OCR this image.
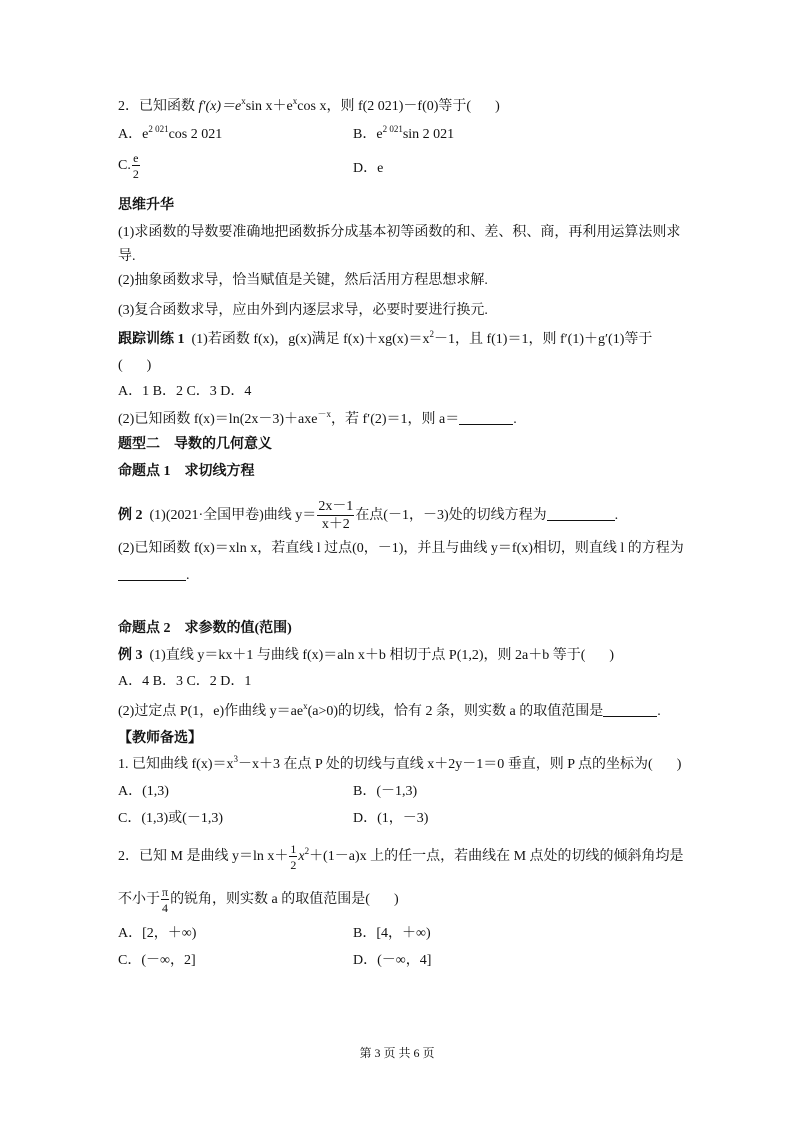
2．已知函数 $f'(x)=e^x\sin$ $x+e^x\cos$ x，则 f(2 021)－f(0)等于( )
A．$e^{2 021}\cos$ 2 021	B．$e^{2 021}\sin$ 2 021
C. $\frac{e}{2}$	D．e
思维升华
(1)求函数的导数要准确地把函数拆分成基本初等函数的和、差、积、商，再利用运算法则求
导.
(2)抽象函数求导，恰当赋值是关键，然后活用方程思想求解.
(3)复合函数求导，应由外到内逐层求导，必要时要进行换元.
跟踪训练 1 (1)若函数 f(x)，g(x)满足 $f(x)+xg(x)=x^2-1$，且 f(1)＝1，则 f′(1)＋g′(1)等于
( )
A．1 B．2 C．3 D．4
(2)已知函数 f(x)＝ln(2x－3)＋axe$^{-x}$，若 f′(2)＝1，则 a＝	.
题型二　导数的几何意义
命题点 1　求切线方程
例 2 (1)(2021·全国甲卷)曲线 $y= \frac{2x-1}{x+2}$ 在点(－1，－3)处的切线方程为	.
(2)已知函数 f(x)＝xln x，若直线 l 过点(0，－1)，并且与曲线 y＝f(x)相切，则直线 l 的方程为
.
命题点 2　求参数的值(范围)
例 3 (1)直线 y＝kx＋1 与曲线 f(x)＝aln x＋b 相切于点 P(1,2)，则 2a＋b 等于( )
A．4 B．3 C．2 D．1
(2)过定点 P(1，e)作曲线 $y=ae^x(a>0)$的切线，恰有 2 条，则实数 a 的取值范围是	.
【教师备选】
1. 已知曲线 $f(x)=x^3-x+3$ 在点 P 处的切线与直线 x＋2y－1＝0 垂直，则 P 点的坐标为( )
A．(1,3)	B．(－1,3)
C．(1,3)或(－1,3)	D．(1，－3)
2．已知 M 是曲线 y＝ln $x+ \frac{1}{2} x^2+(1-a)x$ 上的任一点，若曲线在 M 点处的切线的倾斜角均是
不小于 $\frac{\pi}{4}$ 的锐角，则实数 a 的取值范围是( )
A．[2，＋∞)	B．[4，＋∞)
C．(－∞，2]	D．(－∞，4]
第 3 页 共 6 页
